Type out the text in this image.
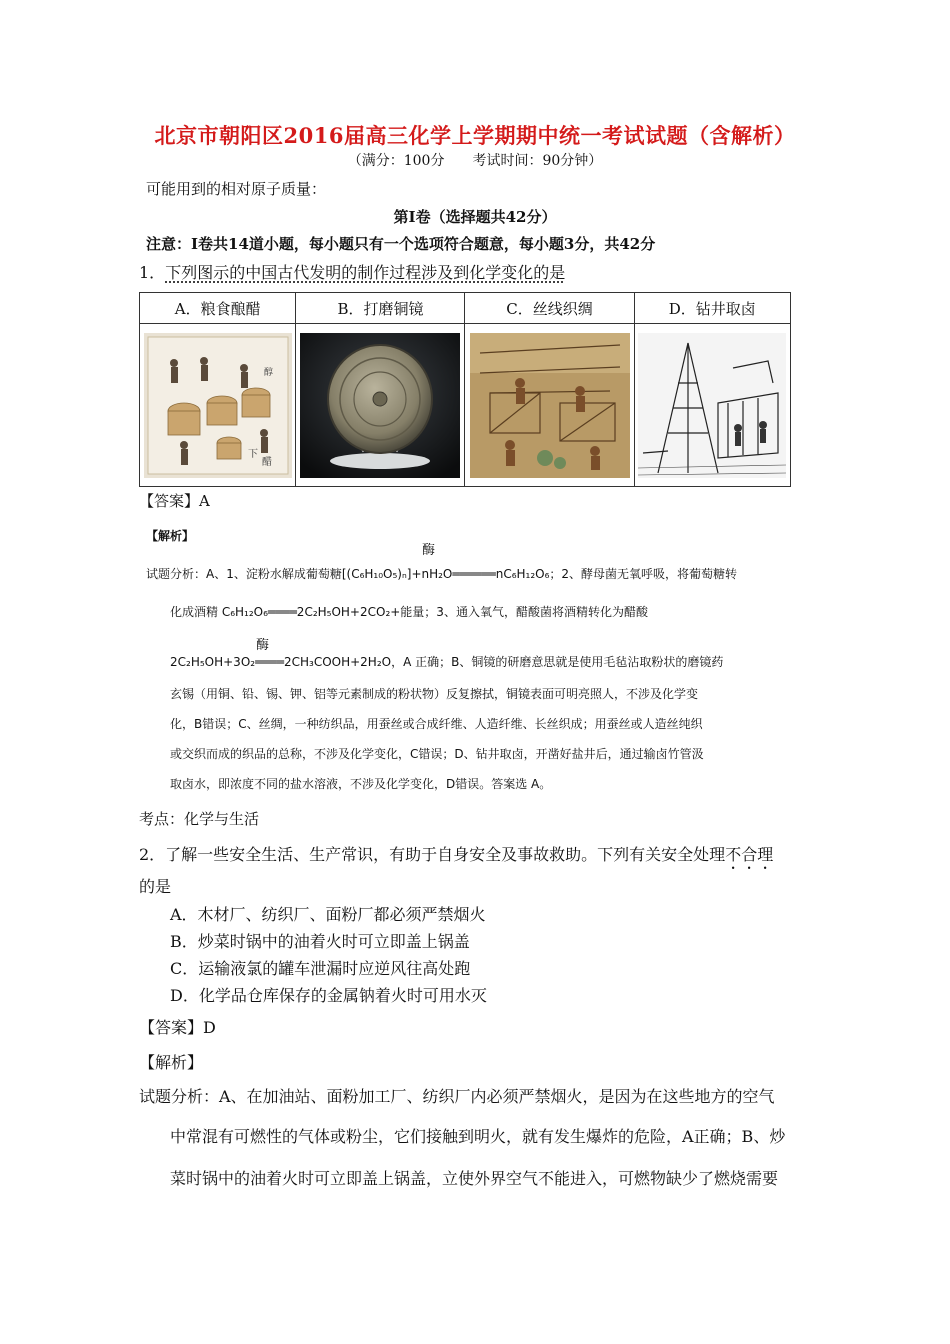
北京市朝阳区2016届高三化学上学期期中统一考试试题（含解析）
（满分：100分　　考试时间：90分钟）
可能用到的相对原子质量：
第Ⅰ卷（选择题共42分）
注意：Ⅰ卷共14道小题，每小题只有一个选项符合题意，每小题3分，共42分
1．下列图示的中国古代发明的制作过程涉及到化学变化的是
A．粮食酿醋	B．打磨铜镜	C．丝线织绸	D．钻井取卤

醇
醋
下

【答案】A
【解析】
酶
酶
试题分析：A、1、淀粉水解成葡萄糖[(C₆H₁₀O₅)ₙ]+nH₂O══════nC₆H₁₂O₆；2、酵母菌无氧呼吸，将葡萄糖转
化成酒精 C₆H₁₂O₆════2C₂H₅OH+2CO₂+能量；3、通入氧气，醋酸菌将酒精转化为醋酸
2C₂H₅OH+3O₂════2CH₃COOH+2H₂O，A 正确；B、铜镜的研磨意思就是使用毛毡沾取粉状的磨镜药
玄锡（用铜、铅、锡、钾、铝等元素制成的粉状物）反复擦拭，铜镜表面可明亮照人，不涉及化学变
化，B错误；C、丝绸，一种纺织品，用蚕丝或合成纤维、人造纤维、长丝织成；用蚕丝或人造丝纯织
或交织而成的织品的总称，不涉及化学变化，C错误；D、钻井取卤，开凿好盐井后，通过输卤竹管汲
取卤水，即浓度不同的盐水溶液，不涉及化学变化，D错误。答案选 A。
考点：化学与生活
2．了解一些安全生活、生产常识，有助于自身安全及事故救助。下列有关安全处理不合理
的是
A．木材厂、纺织厂、面粉厂都必须严禁烟火
B．炒菜时锅中的油着火时可立即盖上锅盖
C．运输液氯的罐车泄漏时应逆风往高处跑
D．化学品仓库保存的金属钠着火时可用水灭
【答案】D
【解析】
试题分析：A、在加油站、面粉加工厂、纺织厂内必须严禁烟火，是因为在这些地方的空气
中常混有可燃性的气体或粉尘，它们接触到明火，就有发生爆炸的危险，A正确；B、炒
菜时锅中的油着火时可立即盖上锅盖，立使外界空气不能进入，可燃物缺少了燃烧需要
